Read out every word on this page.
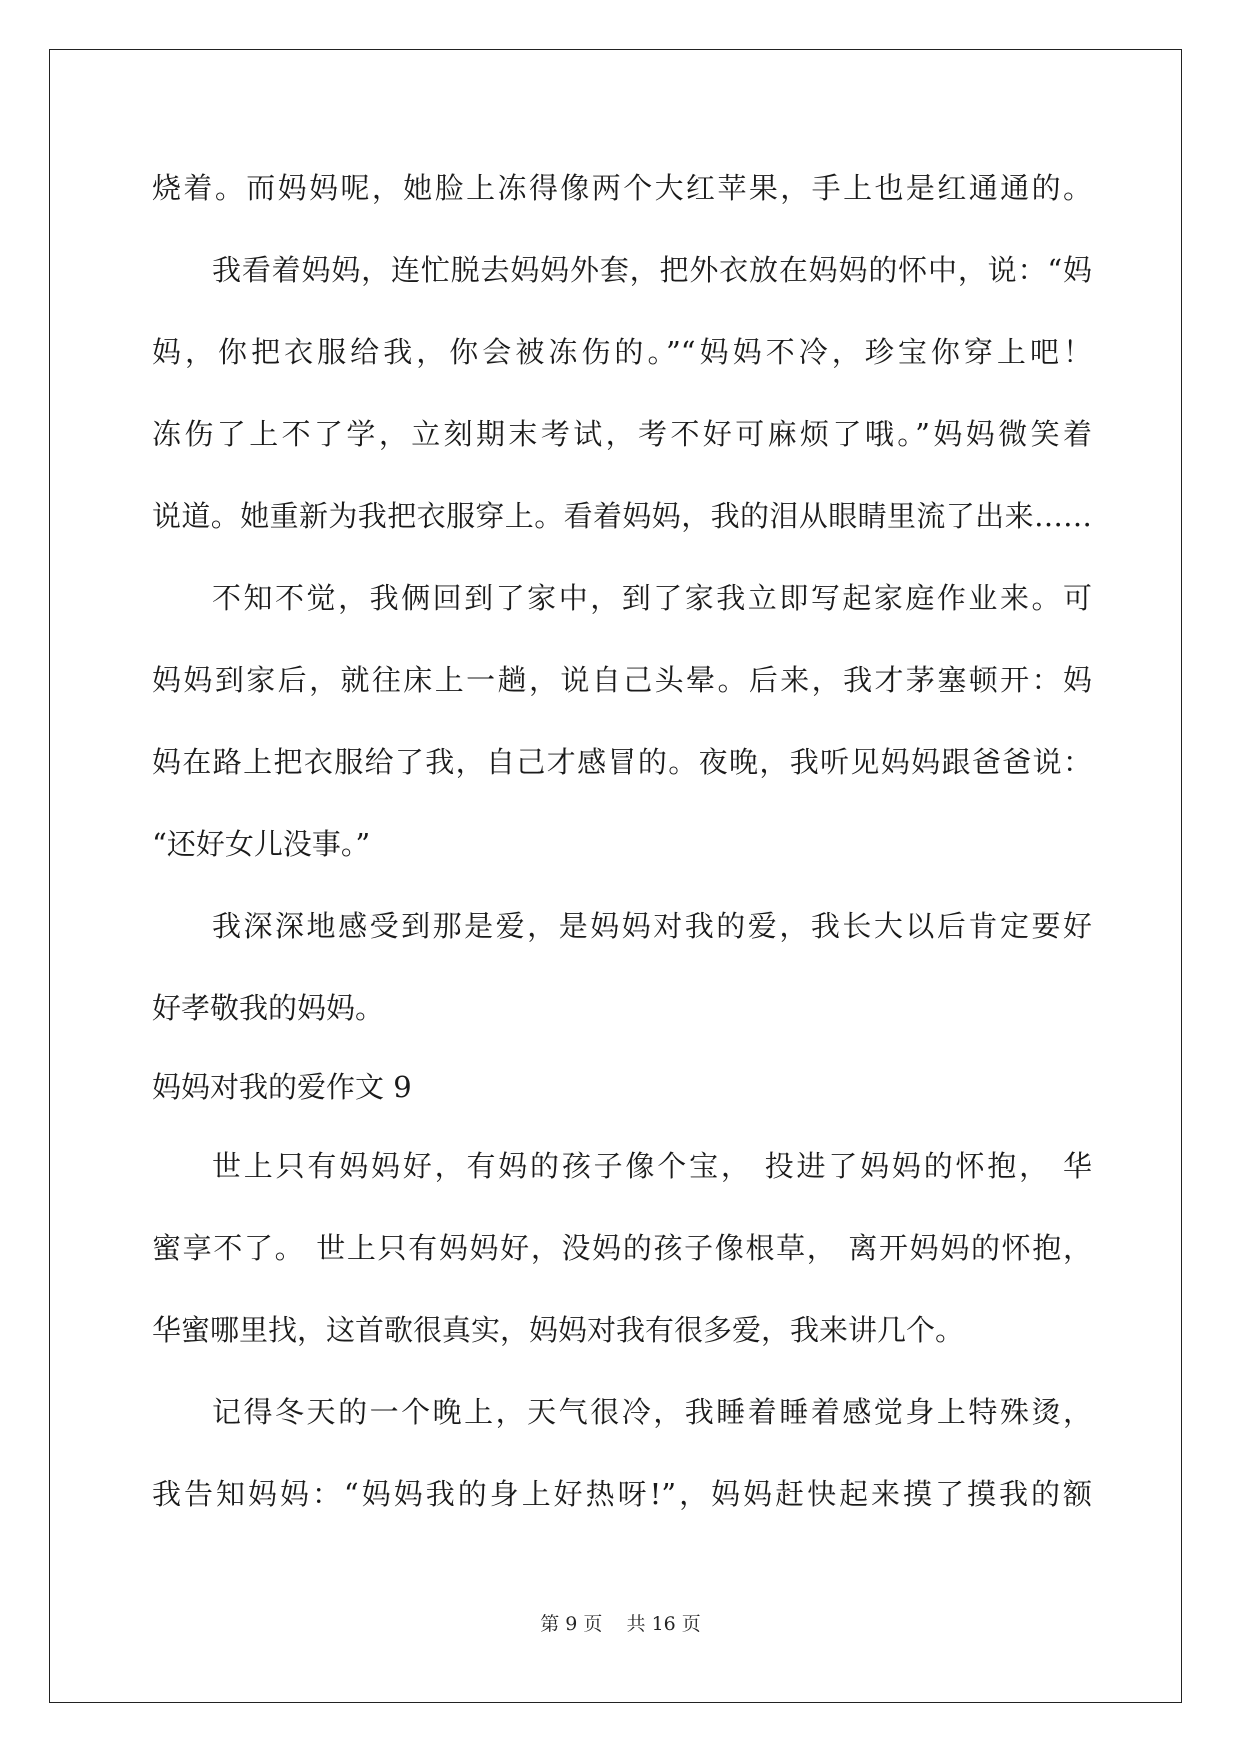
烧着。而妈妈呢，她脸上冻得像两个大红苹果，手上也是红通通的。
我看着妈妈，连忙脱去妈妈外套，把外衣放在妈妈的怀中，说：“妈
妈，你把衣服给我，你会被冻伤的。”“妈妈不冷，珍宝你穿上吧！
冻伤了上不了学，立刻期末考试，考不好可麻烦了哦。”妈妈微笑着
说道。她重新为我把衣服穿上。看着妈妈，我的泪从眼睛里流了出来……
不知不觉，我俩回到了家中，到了家我立即写起家庭作业来。可
妈妈到家后，就往床上一趟，说自己头晕。后来，我才茅塞顿开：妈
妈在路上把衣服给了我，自己才感冒的。夜晚，我听见妈妈跟爸爸说：
“还好女儿没事。”
我深深地感受到那是爱，是妈妈对我的爱，我长大以后肯定要好
好孝敬我的妈妈。
妈妈对我的爱作文 9
世上只有妈妈好，有妈的孩子像个宝， 投进了妈妈的怀抱， 华
蜜享不了。 世上只有妈妈好，没妈的孩子像根草， 离开妈妈的怀抱，
华蜜哪里找，这首歌很真实，妈妈对我有很多爱，我来讲几个。
记得冬天的一个晚上，天气很冷，我睡着睡着感觉身上特殊烫，
我告知妈妈：“妈妈我的身上好热呀!”，妈妈赶快起来摸了摸我的额
第 9 页 共 16 页
